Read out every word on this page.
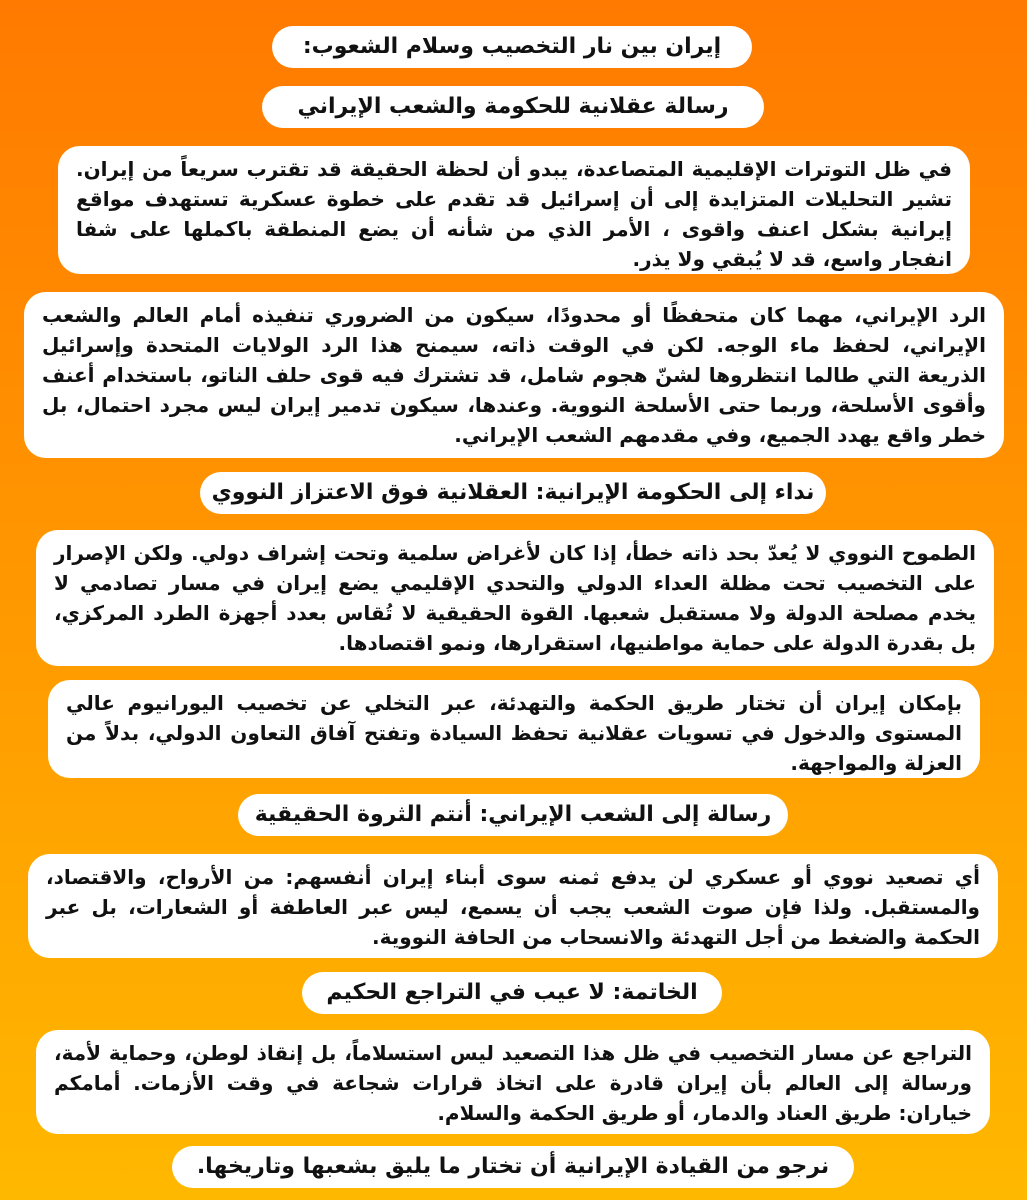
إيران بين نار التخصيب وسلام الشعوب:
رسالة عقلانية للحكومة والشعب الإيراني
في ظل التوترات الإقليمية المتصاعدة، يبدو أن لحظة الحقيقة قد تقترب سريعاً من إيران. تشير التحليلات المتزايدة إلى أن إسرائيل قد تقدم على خطوة عسكرية تستهدف مواقع إيرانية بشكل اعنف واقوى ، الأمر الذي من شأنه أن يضع المنطقة باكملها على شفا انفجار واسع، قد لا يُبقي ولا يذر.
الرد الإيراني، مهما كان متحفظًا أو محدودًا، سيكون من الضروري تنفيذه أمام العالم والشعب الإيراني، لحفظ ماء الوجه. لكن في الوقت ذاته، سيمنح هذا الرد الولايات المتحدة وإسرائيل الذريعة التي طالما انتظروها لشنّ هجوم شامل، قد تشترك فيه قوى حلف الناتو، باستخدام أعنف وأقوى الأسلحة، وربما حتى الأسلحة النووية. وعندها، سيكون تدمير إيران ليس مجرد احتمال، بل خطر واقع يهدد الجميع، وفي مقدمهم الشعب الإيراني.
نداء إلى الحكومة الإيرانية: العقلانية فوق الاعتزاز النووي
الطموح النووي لا يُعدّ بحد ذاته خطأ، إذا كان لأغراض سلمية وتحت إشراف دولي. ولكن الإصرار على التخصيب تحت مظلة العداء الدولي والتحدي الإقليمي يضع إيران في مسار تصادمي لا يخدم مصلحة الدولة ولا مستقبل شعبها. القوة الحقيقية لا تُقاس بعدد أجهزة الطرد المركزي، بل بقدرة الدولة على حماية مواطنيها، استقرارها، ونمو اقتصادها.
بإمكان إيران أن تختار طريق الحكمة والتهدئة، عبر التخلي عن تخصيب اليورانيوم عالي المستوى والدخول في تسويات عقلانية تحفظ السيادة وتفتح آفاق التعاون الدولي، بدلاً من العزلة والمواجهة.
رسالة إلى الشعب الإيراني: أنتم الثروة الحقيقية
أي تصعيد نووي أو عسكري لن يدفع ثمنه سوى أبناء إيران أنفسهم: من الأرواح، والاقتصاد، والمستقبل. ولذا فإن صوت الشعب يجب أن يسمع، ليس عبر العاطفة أو الشعارات، بل عبر الحكمة والضغط من أجل التهدئة والانسحاب من الحافة النووية.
الخاتمة: لا عيب في التراجع الحكيم
التراجع عن مسار التخصيب في ظل هذا التصعيد ليس استسلاماً، بل إنقاذ لوطن، وحماية لأمة، ورسالة إلى العالم بأن إيران قادرة على اتخاذ قرارات شجاعة في وقت الأزمات. أمامكم خياران: طريق العناد والدمار، أو طريق الحكمة والسلام.
نرجو من القيادة الإيرانية أن تختار ما يليق بشعبها وتاريخها.
